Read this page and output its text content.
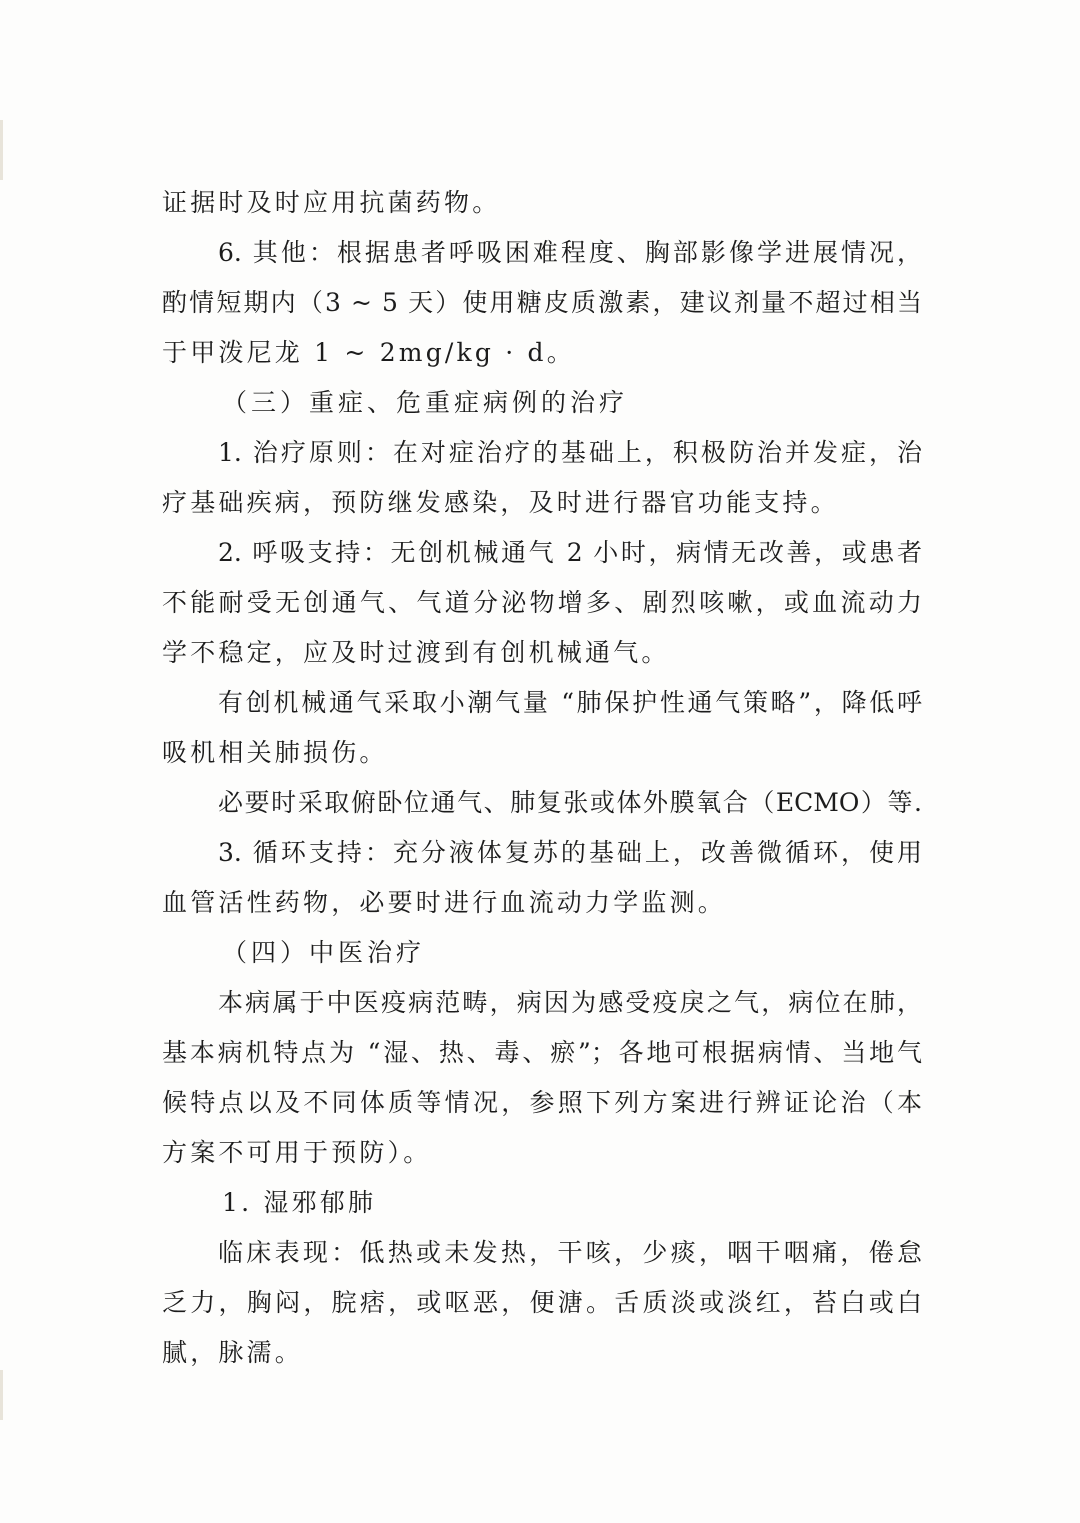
证据时及时应用抗菌药物。
6. 其他：根据患者呼吸困难程度、胸部影像学进展情况，
酌情短期内（3 ~ 5 天）使用糖皮质激素，建议剂量不超过相当
于甲泼尼龙 1 ~ 2mg/kg · d。
（三）重症、危重症病例的治疗
1. 治疗原则：在对症治疗的基础上，积极防治并发症，治
疗基础疾病，预防继发感染，及时进行器官功能支持。
2. 呼吸支持：无创机械通气 2 小时，病情无改善，或患者
不能耐受无创通气、气道分泌物增多、剧烈咳嗽，或血流动力
学不稳定，应及时过渡到有创机械通气。
有创机械通气采取小潮气量 “肺保护性通气策略”，降低呼
吸机相关肺损伤。
必要时采取俯卧位通气、肺复张或体外膜氧合（ECMO）等.
3. 循环支持：充分液体复苏的基础上，改善微循环，使用
血管活性药物，必要时进行血流动力学监测。
（四）中医治疗
本病属于中医疫病范畴，病因为感受疫戾之气，病位在肺，
基本病机特点为 “湿、热、毒、瘀”；各地可根据病情、当地气
候特点以及不同体质等情况，参照下列方案进行辨证论治（本
方案不可用于预防）。
1. 湿邪郁肺
临床表现：低热或未发热，干咳，少痰，咽干咽痛，倦怠
乏力，胸闷，脘痞，或呕恶，便溏。舌质淡或淡红，苔白或白
腻，脉濡。
